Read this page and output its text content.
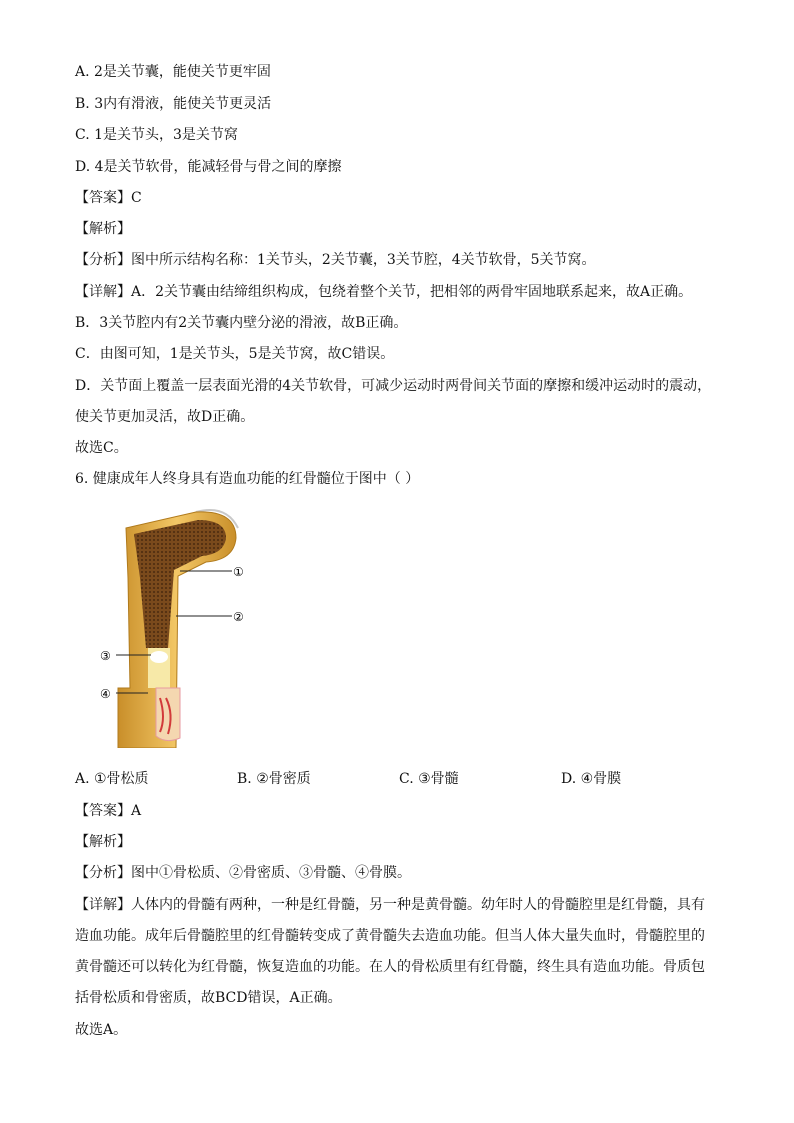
A. 2是关节囊，能使关节更牢固
B. 3内有滑液，能使关节更灵活
C. 1是关节头，3是关节窝
D. 4是关节软骨，能减轻骨与骨之间的摩擦
【答案】C
【解析】
【分析】图中所示结构名称：1关节头，2关节囊，3关节腔，4关节软骨，5关节窝。
【详解】A．2关节囊由结缔组织构成，包绕着整个关节，把相邻的两骨牢固地联系起来，故A正确。
B．3关节腔内有2关节囊内壁分泌的滑液，故B正确。
C．由图可知，1是关节头，5是关节窝，故C错误。
D．关节面上覆盖一层表面光滑的4关节软骨，可减少运动时两骨间关节面的摩擦和缓冲运动时的震动，
使关节更加灵活，故D正确。
故选C。
6. 健康成年人终身具有造血功能的红骨髓位于图中（ ）
①
②
③
④
A. ①骨松质	B. ②骨密质	C. ③骨髓	D. ④骨膜
【答案】A
【解析】
【分析】图中①骨松质、②骨密质、③骨髓、④骨膜。
【详解】人体内的骨髓有两种，一种是红骨髓，另一种是黄骨髓。幼年时人的骨髓腔里是红骨髓，具有
造血功能。成年后骨髓腔里的红骨髓转变成了黄骨髓失去造血功能。但当人体大量失血时，骨髓腔里的
黄骨髓还可以转化为红骨髓，恢复造血的功能。在人的骨松质里有红骨髓，终生具有造血功能。骨质包
括骨松质和骨密质，故BCD错误，A正确。
故选A。
